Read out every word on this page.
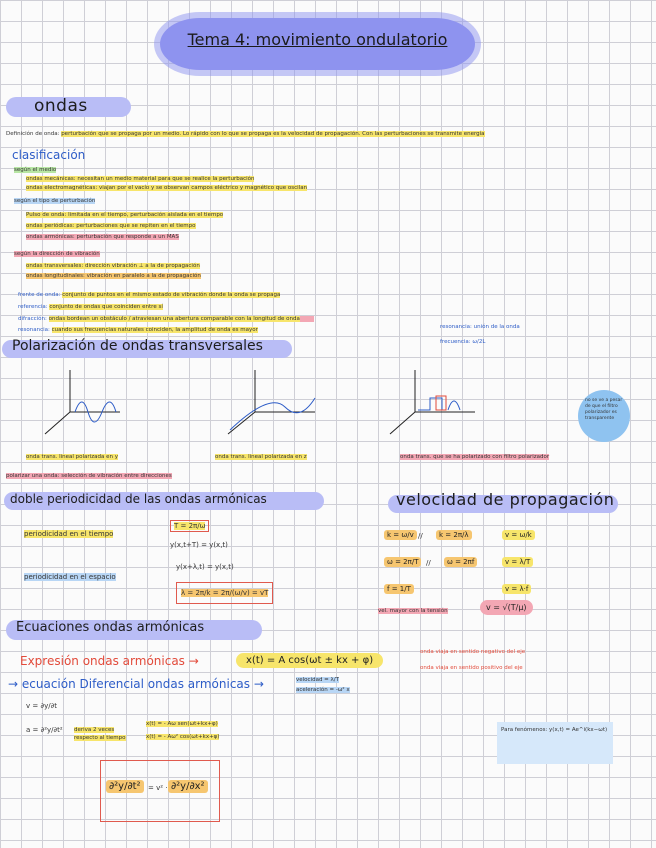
Tema 4: movimiento ondulatorio
ondas
Definición de onda: perturbación que se propaga por un medio. Lo rápido con lo que se propaga es la velocidad de propagación. Con las perturbaciones se transmite energía
clasificación
según el medio
ondas mecánicas: necesitan un medio material para que se realice la perturbación
ondas electromagnéticas: viajan por el vacío y se observan campos eléctrico y magnético que oscilan
según el tipo de perturbación
Pulso de onda: limitada en el tiempo, perturbación aislada en el tiempo
ondas periódicas: perturbaciones que se repiten en el tiempo
ondas armónicas: perturbación que responde a un MAS
según la dirección de vibración
ondas transversales: dirección vibración ⊥ a la de propagación
ondas longitudinales: vibración en paralelo a la de propagación
frente de onda: conjunto de puntos en el mismo estado de vibración donde la onda se propaga
referencia: conjunto de ondas que coinciden entre sí
difracción: ondas bordean un obstáculo / atraviesan una abertura comparable con la longitud de onda
resonancia: cuando sus frecuencias naturales coinciden, la amplitud de onda es mayor	resonancia: unión de la onda
frecuencia: ω/2L
Polarización de ondas transversales
no se ve a pesar de que el filtro polarizador es transparente
onda trans. lineal polarizada en y	onda trans. lineal polarizada en z	onda trans. que se ha polarizado con filtro polarizador
polarizar una onda: selección de vibración entre direcciones
doble periodicidad de las ondas armónicas
periodicidad en el tiempo
T = 2π/ω
y(x,t+T) = y(x,t)
periodicidad en el espacio
y(x+λ,t) = y(x,t)
λ = 2π/k = 2π/(ω/v) = vT
velocidad de propagación
k = ω/v //	k = 2π/λ	v = ω/k
ω = 2π/T	//	ω = 2πf	v = λ/T
f = 1/T	v = λ·f
vel. mayor con la tensión	v = √(T/μ)
Ecuaciones ondas armónicas
Expresión ondas armónicas →	x(t) = A cos(ωt ± kx + φ)
onda viaja en sentido negativo del eje
onda viaja en sentido positivo del eje
→ ecuación Diferencial ondas armónicas →	velocidad = λ/T
aceleración = -ω² x
v = ∂y/∂t
a = ∂²y/∂t² deriva 2 veces respecto al tiempo
x(t) = - Aω sen(ωt+kx+φ)
x(t) = - Aω² cos(ωt+kx+φ)
∂²y/∂t²	= v² · ∂²y/∂x²
Para fenómenos: y(x,t) = Ae^i(kx−ωt)
